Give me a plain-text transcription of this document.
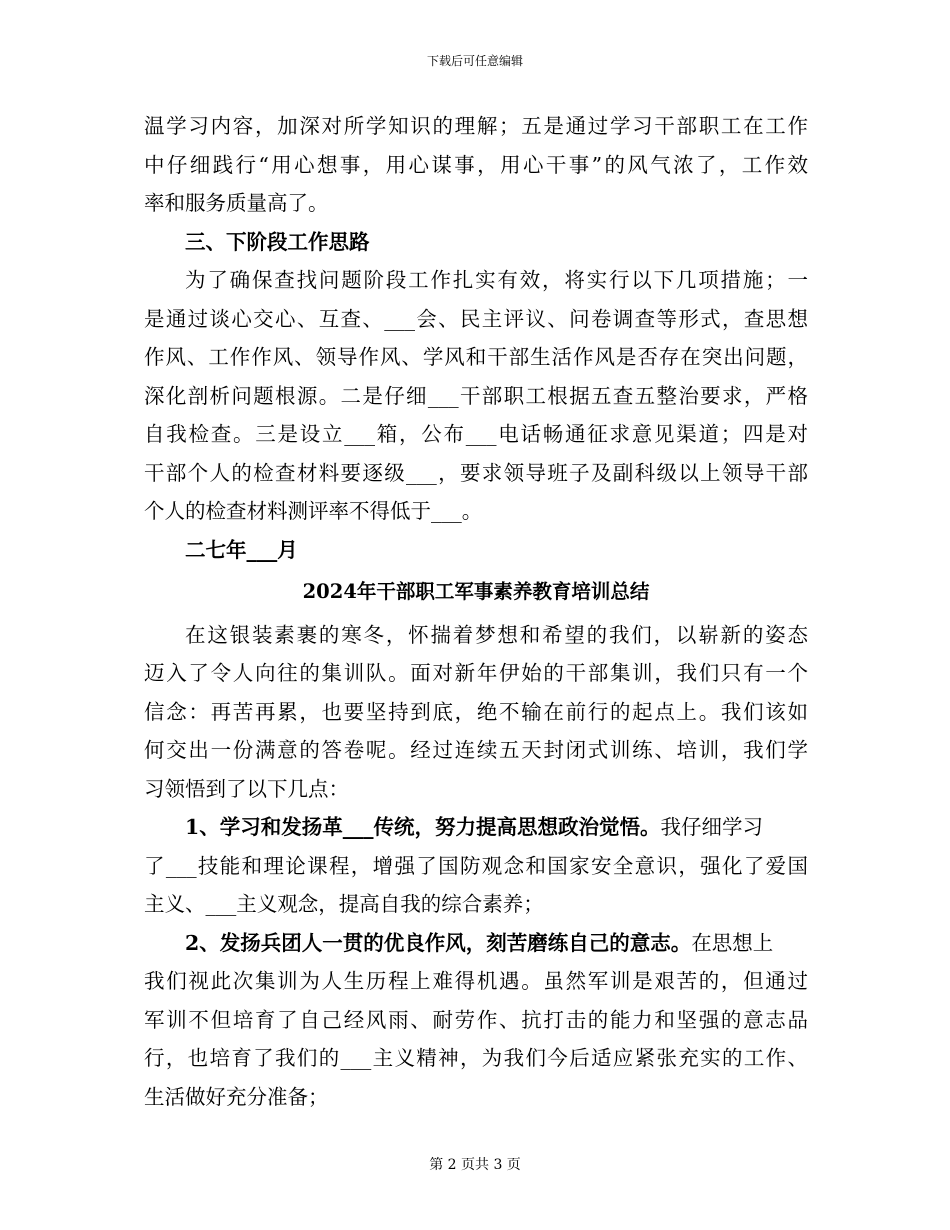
下载后可任意编辑
温学习内容，加深对所学知识的理解；五是通过学习干部职工在工作
中仔细践行“用心想事，用心谋事，用心干事”的风气浓了，工作效
率和服务质量高了。
三、下阶段工作思路
为了确保查找问题阶段工作扎实有效，将实行以下几项措施；一
是通过谈心交心、互查、___会、民主评议、问卷调查等形式，查思想
作风、工作作风、领导作风、学风和干部生活作风是否存在突出问题，
深化剖析问题根源。二是仔细___干部职工根据五查五整治要求，严格
自我检查。三是设立___箱，公布___电话畅通征求意见渠道；四是对
干部个人的检查材料要逐级___，要求领导班子及副科级以上领导干部
个人的检查材料测评率不得低于___。
二七年___月
2024年干部职工军事素养教育培训总结
在这银装素裹的寒冬，怀揣着梦想和希望的我们，以崭新的姿态
迈入了令人向往的集训队。面对新年伊始的干部集训，我们只有一个
信念：再苦再累，也要坚持到底，绝不输在前行的起点上。我们该如
何交出一份满意的答卷呢。经过连续五天封闭式训练、培训，我们学
习领悟到了以下几点：
1、学习和发扬革___传统，努力提高思想政治觉悟。我仔细学习
了___技能和理论课程，增强了国防观念和国家安全意识，强化了爱国
主义、___主义观念，提高自我的综合素养；
2、发扬兵团人一贯的优良作风，刻苦磨练自己的意志。在思想上
我们视此次集训为人生历程上难得机遇。虽然军训是艰苦的，但通过
军训不但培育了自己经风雨、耐劳作、抗打击的能力和坚强的意志品
行，也培育了我们的___主义精神，为我们今后适应紧张充实的工作、
生活做好充分准备；
第 2 页共 3 页
